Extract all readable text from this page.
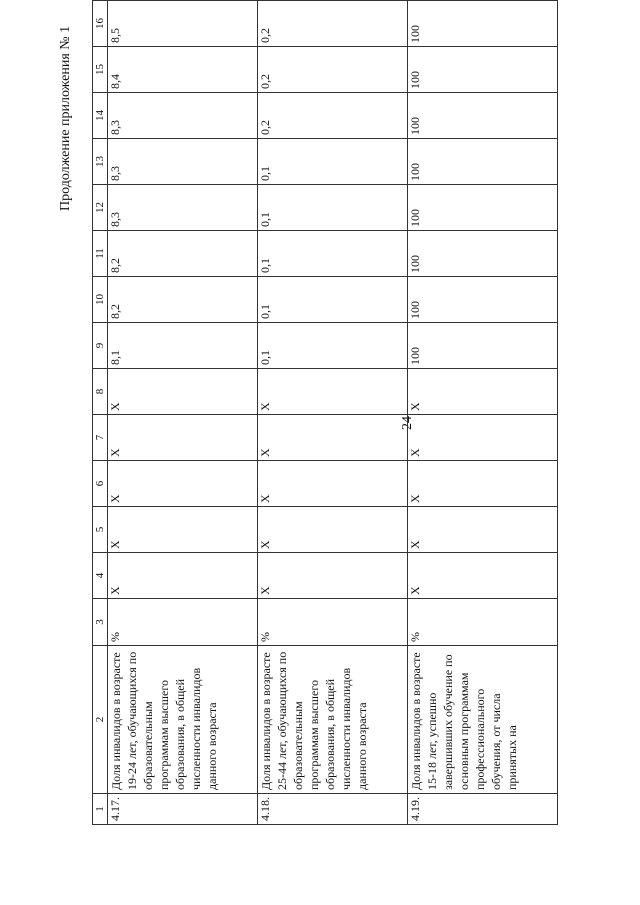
24
Продолжение приложения № 1
1	2	3	4	5	6	7	8	9	10	11	12	13	14	15	16
4.17.	Доля инвалидов в возрасте 19-24 лет, обучающихся по образовательным программам высшего образования, в общей численности инвалидов данного возраста	%	X	X	X	X	X	8,1	8,2	8,2	8,3	8,3	8,3	8,4	8,5
4.18.	Доля инвалидов в возрасте 25-44 лет, обучающихся по образовательным программам высшего образования, в общей численности инвалидов данного возраста	%	X	X	X	X	X	0,1	0,1	0,1	0,1	0,1	0,2	0,2	0,2
4.19.	Доля инвалидов в возрасте 15-18 лет, успешно завершивших обучение по основным программам профессионального обучения, от числа принятых на	%	X	X	X	X	X	100	100	100	100	100	100	100	100
